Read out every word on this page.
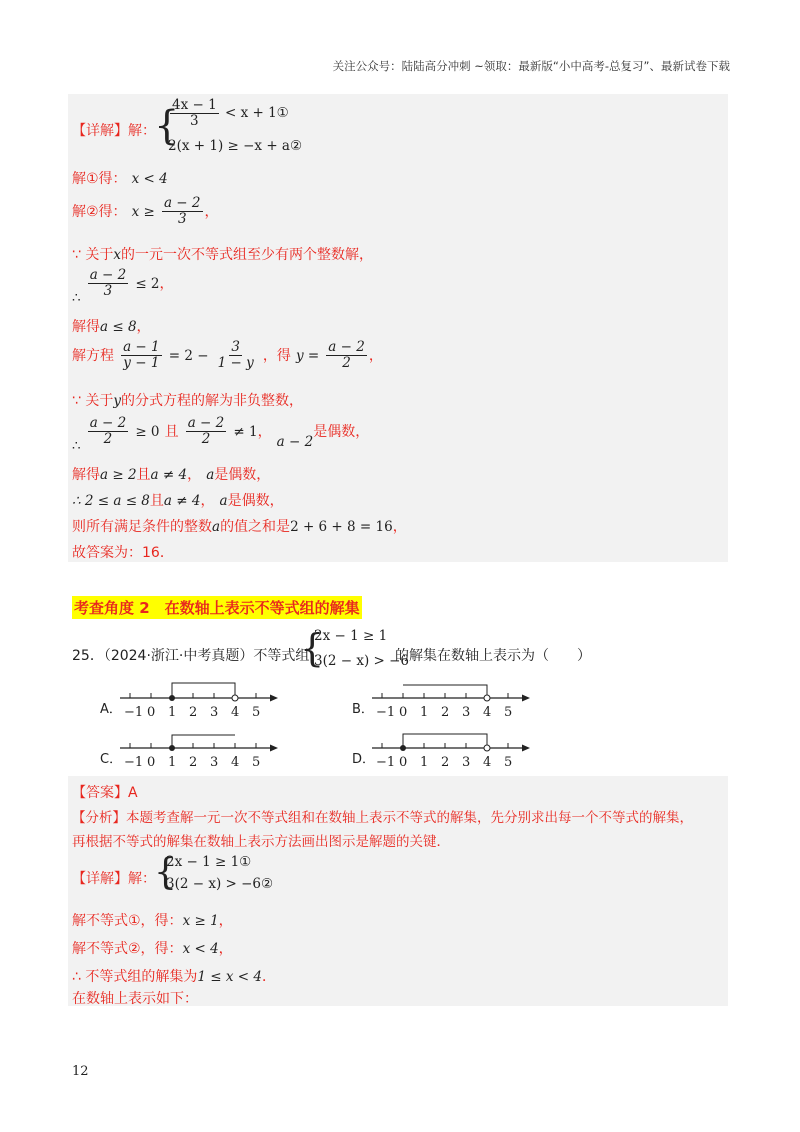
关注公众号：陆陆高分冲刺 ~领取：最新版“小中高考-总复习”、最新试卷下载
【详解】解：
{
$\frac{4x - 1}{3} < x$ + 1①
2(x + 1) ≥ −x + a②
解①得： x < 4
解②得： $x \ge \frac{a - 2}{3}$ ，
∵ 关于x的一元一次不等式组至少有两个整数解，
$_\therefore \frac{a - 2}{3} \le 2$，
解得a ≤ 8，
解方程 $\frac{a - 1}{y - 1} = 2 - \frac{3}{1 - y}$ ，得 $y = \frac{a - 2}{2}$ ，
∵ 关于y的分式方程的解为非负整数，
$_\therefore \frac{a - 2}{2} \ge 0$ 且 $\frac{a - 2}{2} \ne 1$， $_{a - 2}$是偶数，
解得a ≥ 2且a ≠ 4， a是偶数，
∴ 2 ≤ a ≤ 8且a ≠ 4， a是偶数，
则所有满足条件的整数a的值之和是2 + 6 + 8 = 16，
故答案为：16．
考查角度 2　在数轴上表示不等式组的解集
25．（2024·浙江·中考真题）不等式组
{
2x − 1 ≥ 1
3(2 − x) > −6
的解集在数轴上表示为（　　）
A． −1 0 1 2 3 4 5	B． −1 0 1 2 3 4 5
C． −1 0 1 2 3 4 5	D． −1 0 1 2 3 4 5
【答案】A
【分析】本题考查解一元一次不等式组和在数轴上表示不等式的解集，先分别求出每一个不等式的解集，
再根据不等式的解集在数轴上表示方法画出图示是解题的关键．
【详解】解：
{
2x − 1 ≥ 1①
3(2 − x) > −6②
解不等式①，得：x ≥ 1，
解不等式②，得：x < 4，
∴ 不等式组的解集为1 ≤ x < 4．
在数轴上表示如下：
12
